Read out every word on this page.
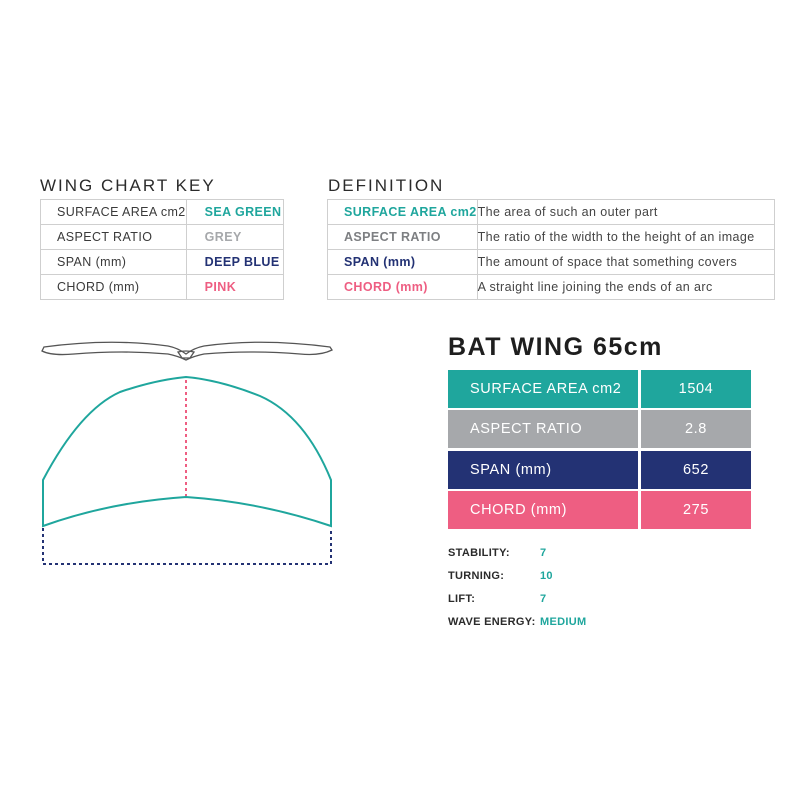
WING CHART KEY
SURFACE AREA cm2	SEA GREEN
ASPECT RATIO	GREY
SPAN (mm)	DEEP BLUE
CHORD (mm)	PINK
DEFINITION
SURFACE AREA cm2	The area of such an outer part
ASPECT RATIO	The ratio of the width to the height of an image
SPAN (mm)	The amount of space that something covers
CHORD (mm)	A straight line joining the ends of an arc
BAT WING 65cm
SURFACE AREA cm2	1504
ASPECT RATIO	2.8
SPAN (mm)	652
CHORD (mm)	275
STABILITY:	7
TURNING:	10
LIFT:	7
WAVE ENERGY: MEDIUM
